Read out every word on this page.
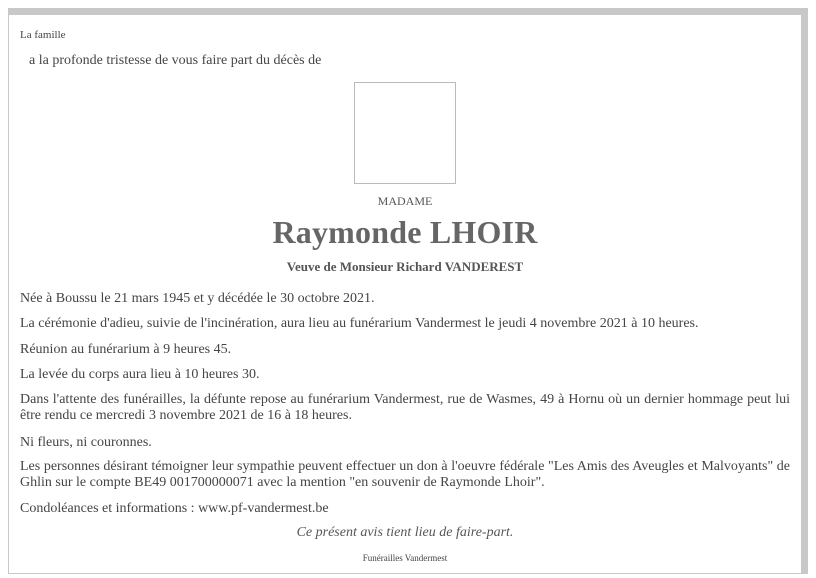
La famille
a la profonde tristesse de vous faire part du décès de
MADAME
Raymonde LHOIR
Veuve de Monsieur Richard VANDEREST
Née à Boussu le 21 mars 1945 et y décédée le 30 octobre 2021.
La cérémonie d'adieu, suivie de l'incinération, aura lieu au funérarium Vandermest le jeudi 4 novembre 2021 à 10 heures.
Réunion au funérarium à 9 heures 45.
La levée du corps aura lieu à 10 heures 30.
Dans l'attente des funérailles, la défunte repose au funérarium Vandermest, rue de Wasmes, 49 à Hornu où un dernier hommage peut lui être rendu ce mercredi 3 novembre 2021 de 16 à 18 heures.
Ni fleurs, ni couronnes.
Les personnes désirant témoigner leur sympathie peuvent effectuer un don à l'oeuvre fédérale "Les Amis des Aveugles et Malvoyants" de Ghlin sur le compte BE49 001700000071 avec la mention "en souvenir de Raymonde Lhoir".
Condoléances et informations : www.pf-vandermest.be
Ce présent avis tient lieu de faire-part.
Funérailles Vandermest
